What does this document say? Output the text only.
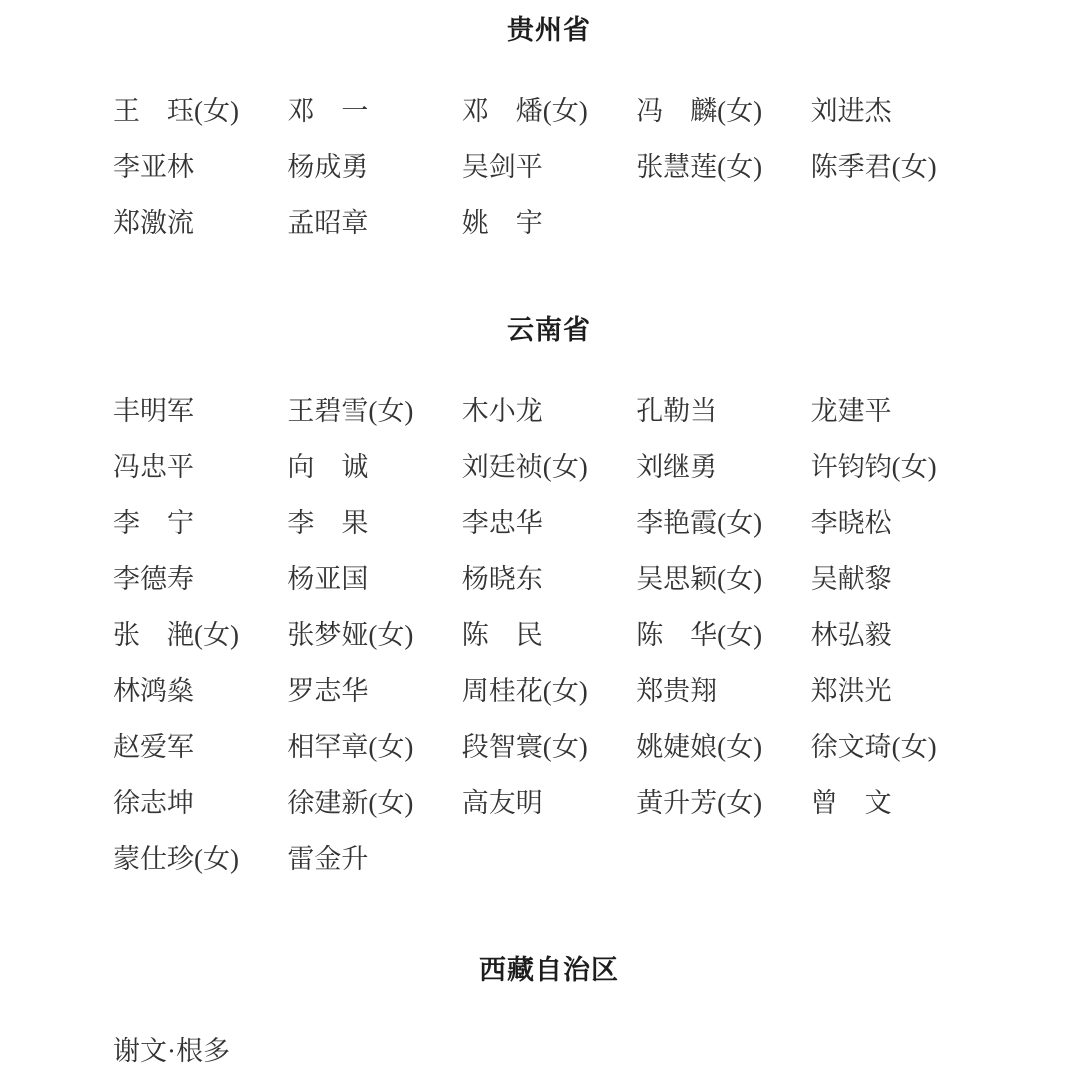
贵州省
王　珏(女)	邓　一	邓　燔(女)	冯　麟(女)	刘进杰
李亚林	杨成勇	吴剑平	张慧莲(女)	陈季君(女)
郑激流	孟昭章	姚　宇
云南省
丰明军	王碧雪(女)	木小龙	孔勒当	龙建平
冯忠平	向　诚	刘廷祯(女)	刘继勇	许钧钧(女)
李　宁	李　果	李忠华	李艳霞(女)	李晓松
李德寿	杨亚国	杨晓东	吴思颖(女)	吴献黎
张　滟(女)	张梦娅(女)	陈　民	陈　华(女)	林弘毅
林鸿燊	罗志华	周桂花(女)	郑贵翔	郑洪光
赵爱军	相罕章(女)	段智寰(女)	姚婕娘(女)	徐文琦(女)
徐志坤	徐建新(女)	高友明	黄升芳(女)	曾　文
蒙仕珍(女)	雷金升
西藏自治区
谢文·根多
